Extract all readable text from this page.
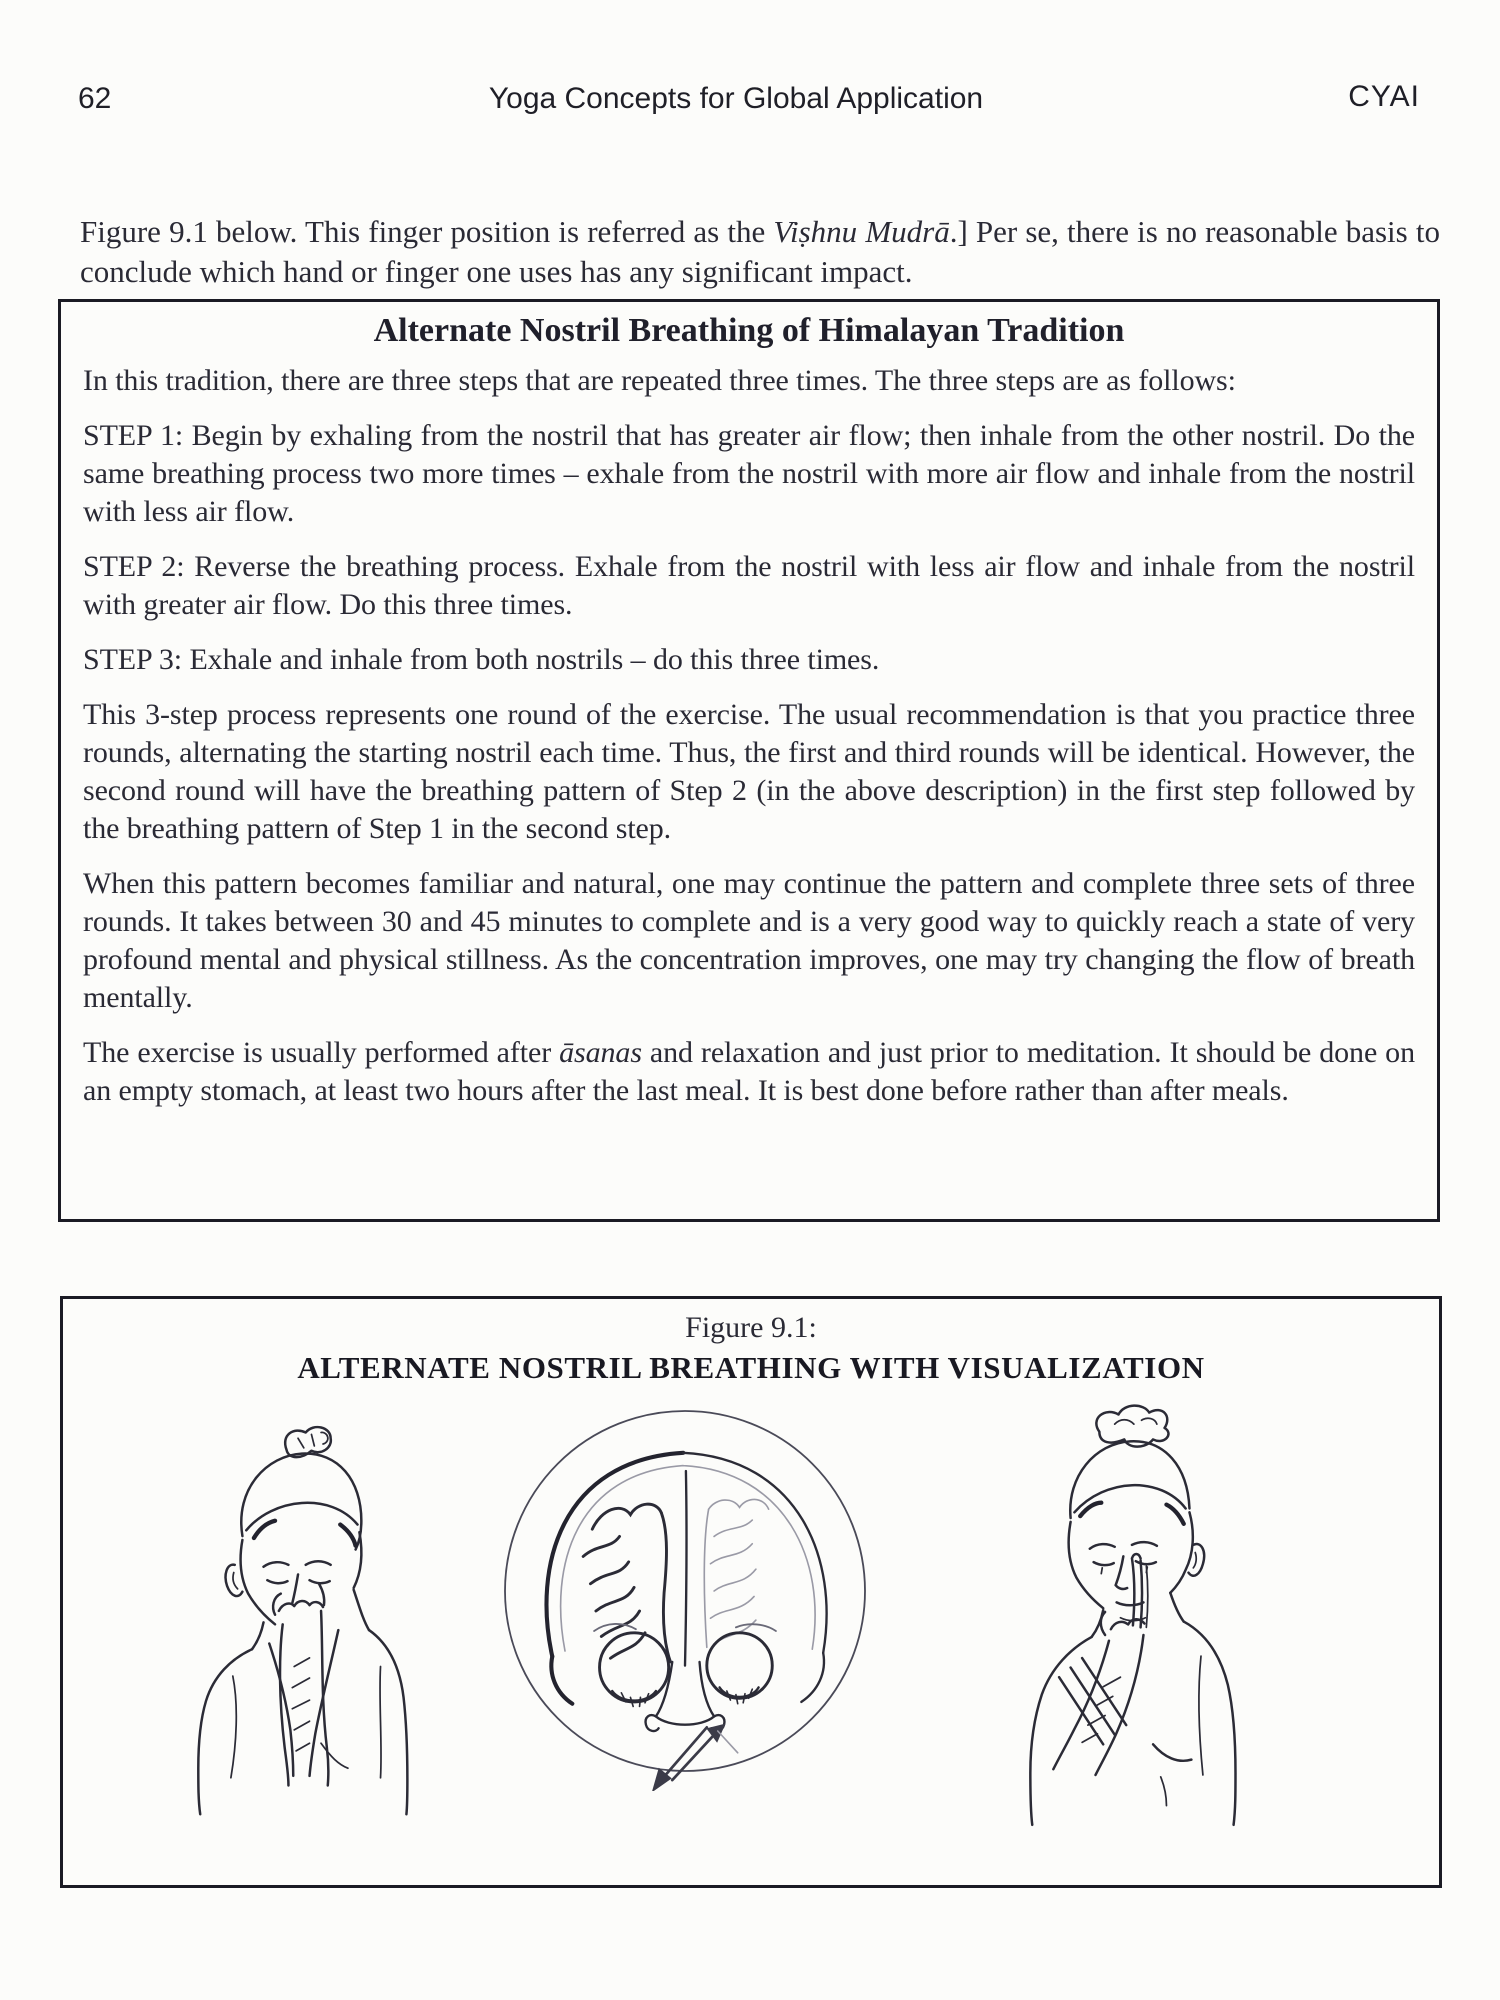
62	Yoga Concepts for Global Application	CYAI

Figure 9.1 below. This finger position is referred as the Viṣhnu Mudrā.] Per se, there is no reasonable basis to conclude which hand or finger one uses has any significant impact.

Alternate Nostril Breathing of Himalayan Tradition

In this tradition, there are three steps that are repeated three times. The three steps are as follows:

STEP 1: Begin by exhaling from the nostril that has greater air flow; then inhale from the other nostril. Do the same breathing process two more times – exhale from the nostril with more air flow and inhale from the nostril with less air flow.

STEP 2: Reverse the breathing process. Exhale from the nostril with less air flow and inhale from the nostril with greater air flow. Do this three times.

STEP 3: Exhale and inhale from both nostrils – do this three times.

This 3-step process represents one round of the exercise. The usual recommendation is that you practice three rounds, alternating the starting nostril each time. Thus, the first and third rounds will be identical. However, the second round will have the breathing pattern of Step 2 (in the above description) in the first step followed by the breathing pattern of Step 1 in the second step.

When this pattern becomes familiar and natural, one may continue the pattern and complete three sets of three rounds. It takes between 30 and 45 minutes to complete and is a very good way to quickly reach a state of very profound mental and physical stillness. As the concentration improves, one may try changing the flow of breath mentally.

The exercise is usually performed after āsanas and relaxation and just prior to meditation. It should be done on an empty stomach, at least two hours after the last meal. It is best done before rather than after meals.

Figure 9.1:

ALTERNATE NOSTRIL BREATHING WITH VISUALIZATION
